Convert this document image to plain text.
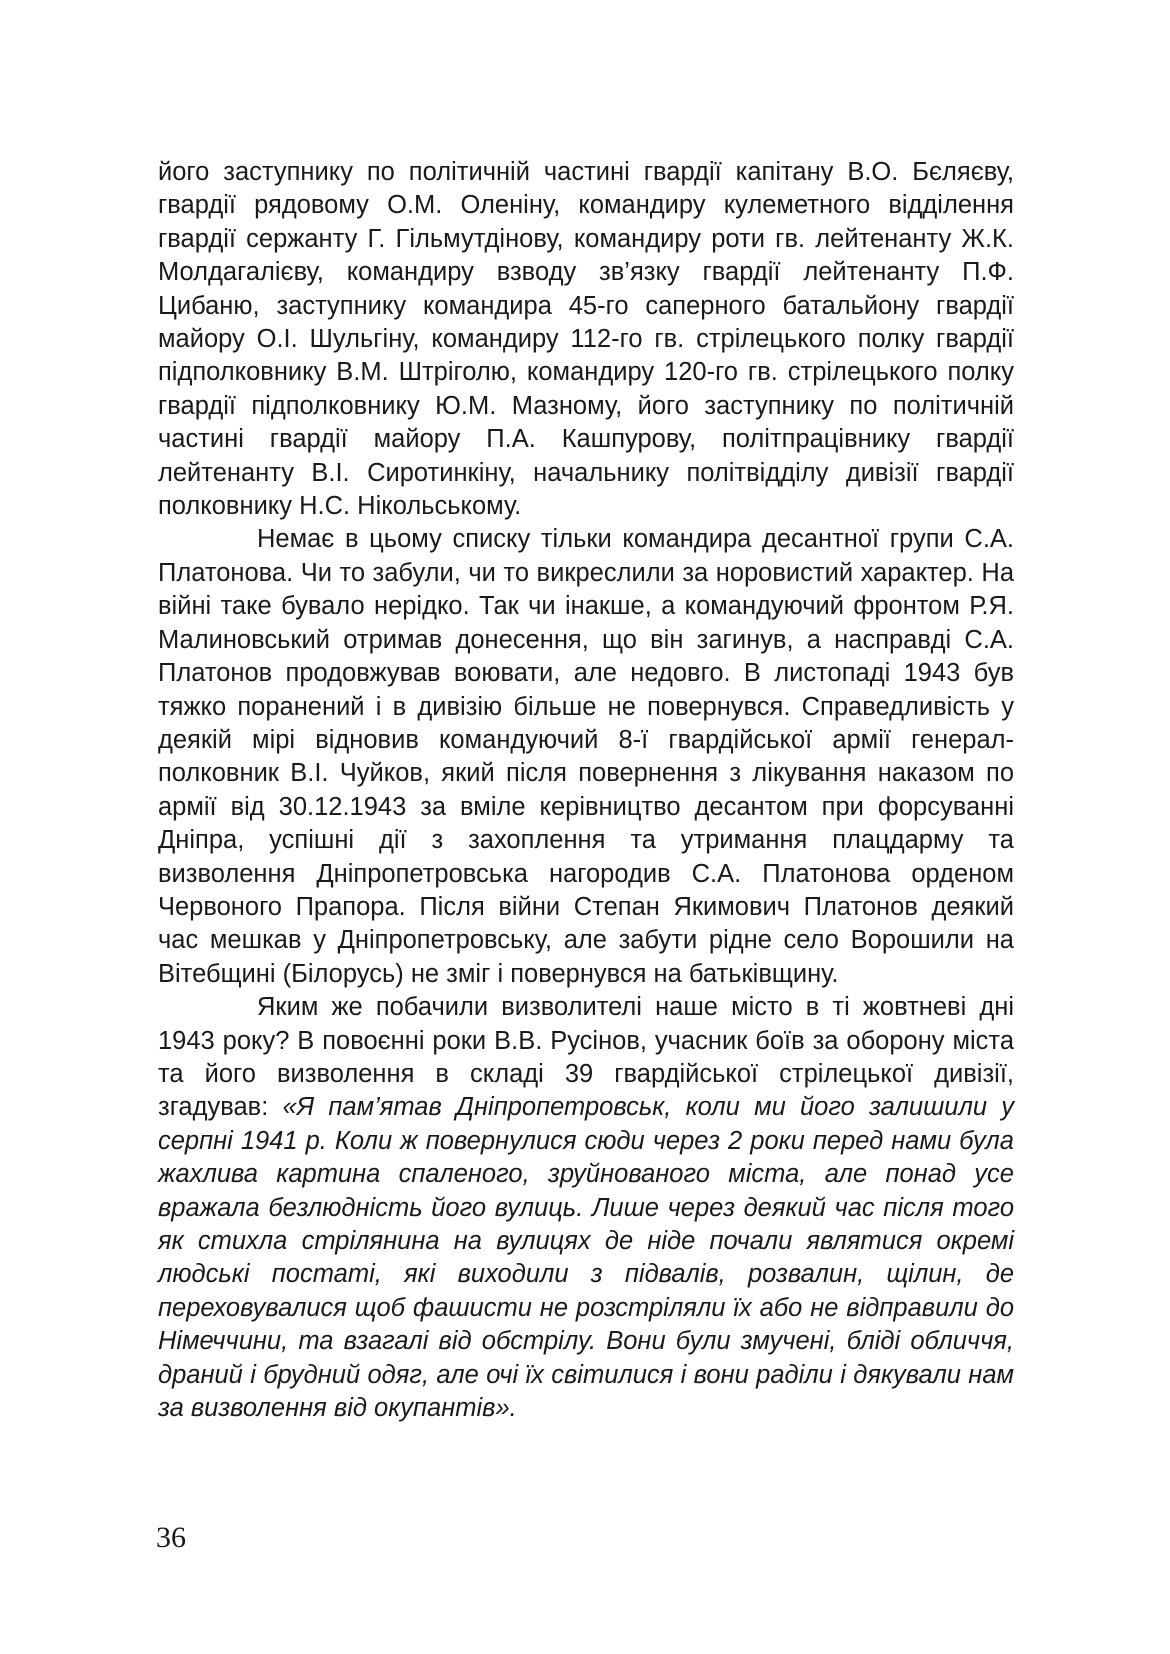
його заступнику по політичній частині гвардії капітану В.О. Бєляєву, гвардії рядовому О.М. Оленіну, командиру кулеметного відділення гвардії сержанту Г. Гільмутдінову, командиру роти гв. лейтенанту Ж.К. Молдагалієву, командиру взводу зв’язку гвардії лейтенанту П.Ф. Цибаню, заступнику командира 45-го саперного батальйону гвардії майору О.І. Шульгіну, командиру 112-го гв. стрілецького полку гвардії підполковнику В.М. Штріголю, командиру 120-го гв. стрілецького полку гвардії підполковнику Ю.М. Мазному, його заступнику по політичній частині гвардії майору П.А. Кашпурову, політпрацівнику гвардії лейтенанту В.І. Сиротинкіну, начальнику політвідділу дивізії гвардії полковнику Н.С. Нікольському.

Немає в цьому списку тільки командира десантної групи С.А. Платонова. Чи то забули, чи то викреслили за норовистий характер. На війні таке бувало нерідко. Так чи інакше, а командуючий фронтом Р.Я. Малиновський отримав донесення, що він загинув, а насправді С.А. Платонов продовжував воювати, але недовго. В листопаді 1943 був тяжко поранений і в дивізію більше не повернувся. Справедливість у деякій мірі відновив командуючий 8-ї гвардійської армії генерал-полковник В.І. Чуйков, який після повернення з лікування наказом по армії від 30.12.1943 за вміле керівництво десантом при форсуванні Дніпра, успішні дії з захоплення та утримання плацдарму та визволення Дніпропетровська нагородив С.А. Платонова орденом Червоного Прапора. Після війни Степан Якимович Платонов деякий час мешкав у Дніпропетровську, але забути рідне село Ворошили на Вітебщині (Білорусь) не зміг і повернувся на батьківщину.

Яким же побачили визволителі наше місто в ті жовтневі дні 1943 року? В повоєнні роки В.В. Русінов, учасник боїв за оборону міста та його визволення в складі 39 гвардійської стрілецької дивізії, згадував: «Я пам’ятав Дніпропетровськ, коли ми його залишили у серпні 1941 р. Коли ж повернулися сюди через 2 роки перед нами була жахлива картина спаленого, зруйнованого міста, але понад усе вражала безлюдність його вулиць. Лише через деякий час після того як стихла стрілянина на вулицях де ніде почали являтися окремі людські постаті, які виходили з підвалів, розвалин, щілин, де переховувалися щоб фашисти не розстріляли їх або не відправили до Німеччини, та взагалі від обстрілу. Вони були змучені, бліді обличчя, драний і брудний одяг, але очі їх світилися і вони раділи і дякували нам за визволення від окупантів».

36
